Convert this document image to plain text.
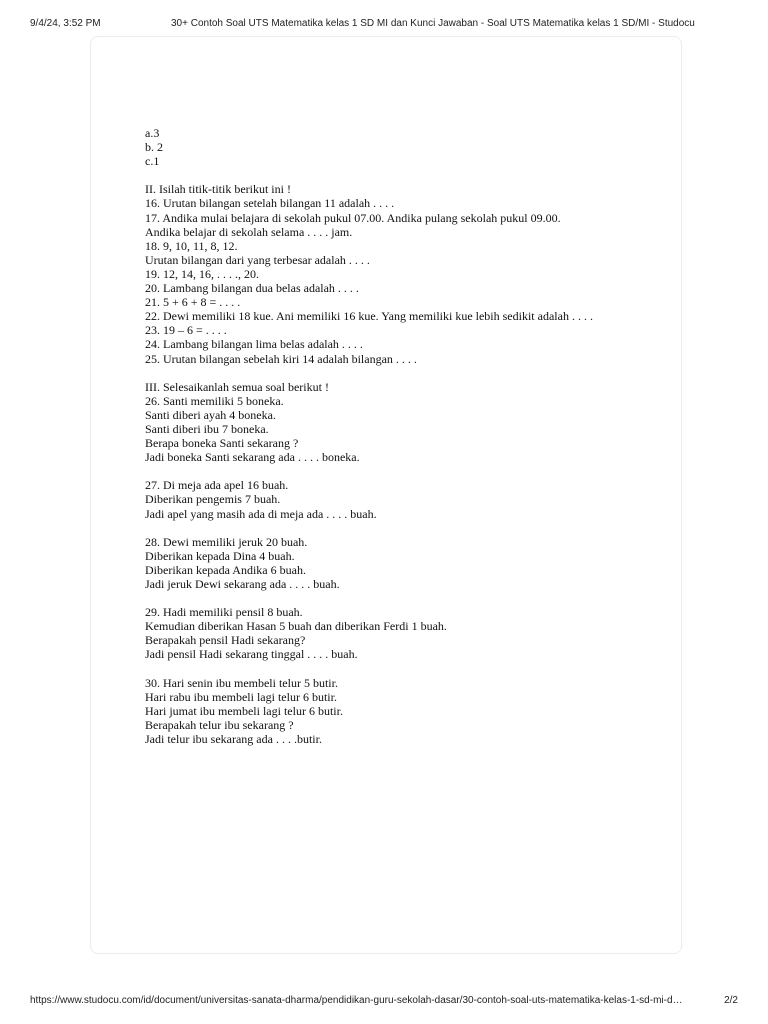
9/4/24, 3:52 PM	30+ Contoh Soal UTS Matematika kelas 1 SD MI dan Kunci Jawaban - Soal UTS Matematika kelas 1 SD/MI - Studocu
a.3
b. 2
c.1
II. Isilah titik-titik berikut ini !
16. Urutan bilangan setelah bilangan 11 adalah . . . .
17. Andika mulai belajara di sekolah pukul 07.00. Andika pulang sekolah pukul 09.00.
Andika belajar di sekolah selama . . . . jam.
18. 9, 10, 11, 8, 12.
Urutan bilangan dari yang terbesar adalah . . . .
19. 12, 14, 16, . . . ., 20.
20. Lambang bilangan dua belas adalah . . . .
21. 5 + 6 + 8 = . . . .
22. Dewi memiliki 18 kue. Ani memiliki 16 kue. Yang memiliki kue lebih sedikit adalah . . . .
23. 19 – 6 = . . . .
24. Lambang bilangan lima belas adalah . . . .
25. Urutan bilangan sebelah kiri 14 adalah bilangan . . . .
III. Selesaikanlah semua soal berikut !
26. Santi memiliki 5 boneka.
Santi diberi ayah 4 boneka.
Santi diberi ibu 7 boneka.
Berapa boneka Santi sekarang ?
Jadi boneka Santi sekarang ada . . . . boneka.
27. Di meja ada apel 16 buah.
Diberikan pengemis 7 buah.
Jadi apel yang masih ada di meja ada . . . . buah.
28. Dewi memiliki jeruk 20 buah.
Diberikan kepada Dina 4 buah.
Diberikan kepada Andika 6 buah.
Jadi jeruk Dewi sekarang ada . . . . buah.
29. Hadi memiliki pensil 8 buah.
Kemudian diberikan Hasan 5 buah dan diberikan Ferdi 1 buah.
Berapakah pensil Hadi sekarang?
Jadi pensil Hadi sekarang tinggal . . . . buah.
30. Hari senin ibu membeli telur 5 butir.
Hari rabu ibu membeli lagi telur 6 butir.
Hari jumat ibu membeli lagi telur 6 butir.
Berapakah telur ibu sekarang ?
Jadi telur ibu sekarang ada . . . .butir.
https://www.studocu.com/id/document/universitas-sanata-dharma/pendidikan-guru-sekolah-dasar/30-contoh-soal-uts-matematika-kelas-1-sd-mi-d…	2/2
